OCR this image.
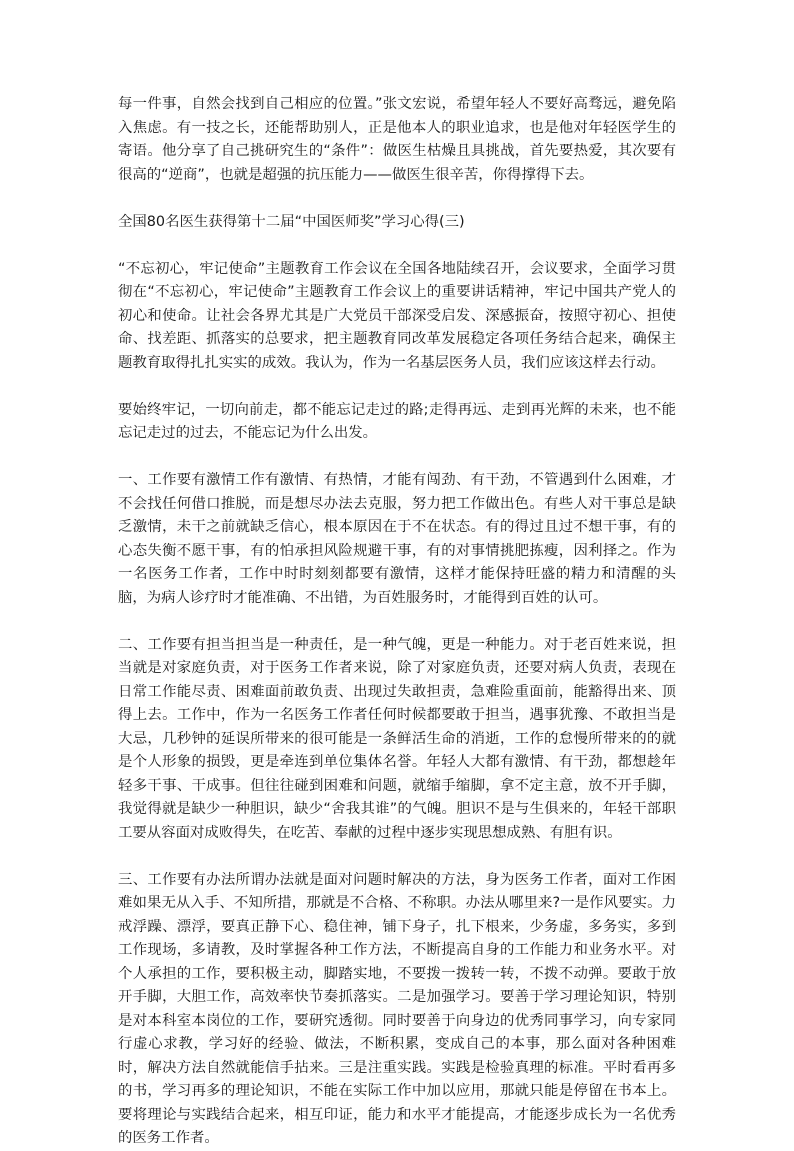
每一件事，自然会找到自己相应的位置。”张文宏说，希望年轻人不要好高骛远，避免陷入焦虑。有一技之长，还能帮助别人，正是他本人的职业追求，也是他对年轻医学生的寄语。他分享了自己挑研究生的“条件”：做医生枯燥且具挑战，首先要热爱，其次要有很高的“逆商”，也就是超强的抗压能力——做医生很辛苦，你得撑得下去。

全国80名医生获得第十二届“中国医师奖”学习心得(三)

“不忘初心，牢记使命”主题教育工作会议在全国各地陆续召开，会议要求，全面学习贯彻在“不忘初心，牢记使命”主题教育工作会议上的重要讲话精神，牢记中国共产党人的初心和使命。让社会各界尤其是广大党员干部深受启发、深感振奋，按照守初心、担使命、找差距、抓落实的总要求，把主题教育同改革发展稳定各项任务结合起来，确保主题教育取得扎扎实实的成效。我认为，作为一名基层医务人员，我们应该这样去行动。

要始终牢记，一切向前走，都不能忘记走过的路;走得再远、走到再光辉的未来，也不能忘记走过的过去，不能忘记为什么出发。

一、工作要有激情工作有激情、有热情，才能有闯劲、有干劲，不管遇到什么困难，才不会找任何借口推脱，而是想尽办法去克服，努力把工作做出色。有些人对干事总是缺乏激情，未干之前就缺乏信心，根本原因在于不在状态。有的得过且过不想干事，有的心态失衡不愿干事，有的怕承担风险规避干事，有的对事情挑肥拣瘦，因利择之。作为一名医务工作者，工作中时时刻刻都要有激情，这样才能保持旺盛的精力和清醒的头脑，为病人诊疗时才能准确、不出错，为百姓服务时，才能得到百姓的认可。

二、工作要有担当担当是一种责任，是一种气魄，更是一种能力。对于老百姓来说，担当就是对家庭负责，对于医务工作者来说，除了对家庭负责，还要对病人负责，表现在日常工作能尽责、困难面前敢负责、出现过失敢担责，急难险重面前，能豁得出来、顶得上去。工作中，作为一名医务工作者任何时候都要敢于担当，遇事犹豫、不敢担当是大忌，几秒钟的延误所带来的很可能是一条鲜活生命的消逝，工作的怠慢所带来的的就是个人形象的损毁，更是牵连到单位集体名誉。年轻人大都有激情、有干劲，都想趁年轻多干事、干成事。但往往碰到困难和问题，就缩手缩脚，拿不定主意，放不开手脚，我觉得就是缺少一种胆识，缺少“舍我其谁”的气魄。胆识不是与生俱来的，年轻干部职工要从容面对成败得失，在吃苦、奉献的过程中逐步实现思想成熟、有胆有识。

三、工作要有办法所谓办法就是面对问题时解决的方法，身为医务工作者，面对工作困难如果无从入手、不知所措，那就是不合格、不称职。办法从哪里来?一是作风要实。力戒浮躁、漂浮，要真正静下心、稳住神，铺下身子，扎下根来，少务虚，多务实，多到工作现场，多请教，及时掌握各种工作方法，不断提高自身的工作能力和业务水平。对个人承担的工作，要积极主动，脚踏实地，不要拨一拨转一转，不拨不动弹。要敢于放开手脚，大胆工作，高效率快节奏抓落实。二是加强学习。要善于学习理论知识，特别是对本科室本岗位的工作，要研究透彻。同时要善于向身边的优秀同事学习，向专家同行虚心求教，学习好的经验、做法，不断积累，变成自己的本事，那么面对各种困难时，解决方法自然就能信手拈来。三是注重实践。实践是检验真理的标准。平时看再多的书，学习再多的理论知识，不能在实际工作中加以应用，那就只能是停留在书本上。要将理论与实践结合起来，相互印证，能力和水平才能提高，才能逐步成长为一名优秀的医务工作者。
